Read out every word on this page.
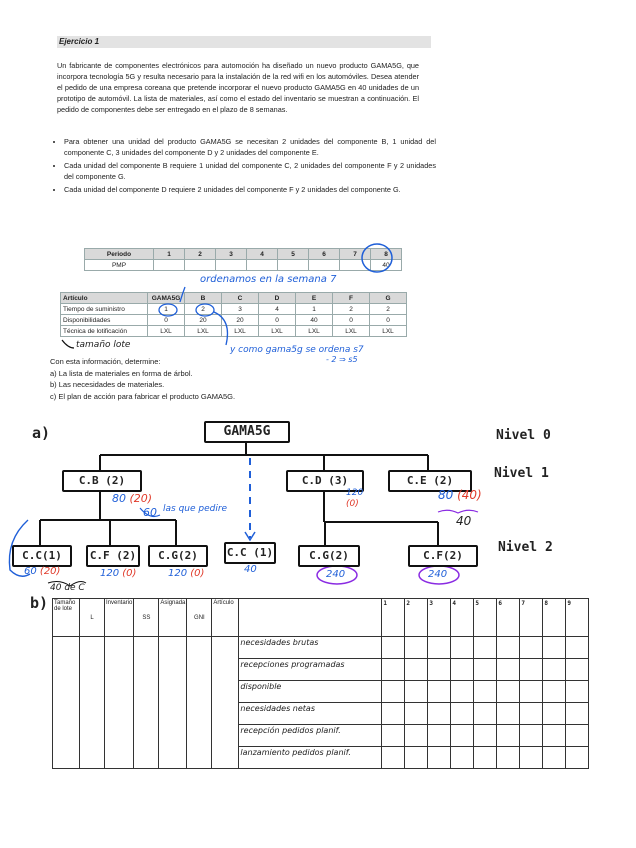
Ejercicio 1
Un fabricante de componentes electrónicos para automoción ha diseñado un nuevo producto GAMA5G, que incorpora tecnología 5G y resulta necesario para la instalación de la red wifi en los automóviles. Desea atender el pedido de una empresa coreana que pretende incorporar el nuevo producto GAMA5G en 40 unidades de un prototipo de automóvil. La lista de materiales, así como el estado del inventario se muestran a continuación. El pedido de componentes debe ser entregado en el plazo de 8 semanas.
• Para obtener una unidad del producto GAMA5G se necesitan 2 unidades del componente B, 1 unidad del componente C, 3 unidades del componente D y 2 unidades del componente E.
• Cada unidad del componente B requiere 1 unidad del componente C, 2 unidades del componente F y 2 unidades del componente G.
• Cada unidad del componente D requiere 2 unidades del componente F y 2 unidades del componente G.
Periodo	1	2	3	4	5	6	7	8
PMP								40
Artículo	GAMA5G	B	C	D	E	F	G
Tiempo de suministro	1	2	3	4	1	2	2
Disponibilidades	0	20	20	0	40	0	0
Técnica de lotificación	LXL	LXL	LXL	LXL	LXL	LXL	LXL
ordenamos en la semana 7
tamaño lote	y como gama5g se ordena s7
- 2 ⇒ s5
Con esta información, determine:
a) La lista de materiales en forma de árbol.
b) Las necesidades de materiales.
c) El plan de acción para fabricar el producto GAMA5G.
a)	GAMA5G	Nivel 0
Nivel 1
Nivel 2
C.B (2)	C.D (3)	C.E (2)
C.C(1)	C.F (2)	C.G(2)	C.C (1)	C.G(2)	C.F(2)
80 (20)
60 las que pedire
120
(0)
80 (40)
40
60 (20)
40 de C
120 (0)	120 (0)	40	240	240
b) Tamaño de lote	L	Inventario	SS	Asignada	GNI	Artículo		1	2	3	4	5	6	7	8	9
							necesidades brutas									
							recepciones programadas									
							disponible									
							necesidades netas									
							recepción pedidos planif.									
							lanzamiento pedidos planif.									
